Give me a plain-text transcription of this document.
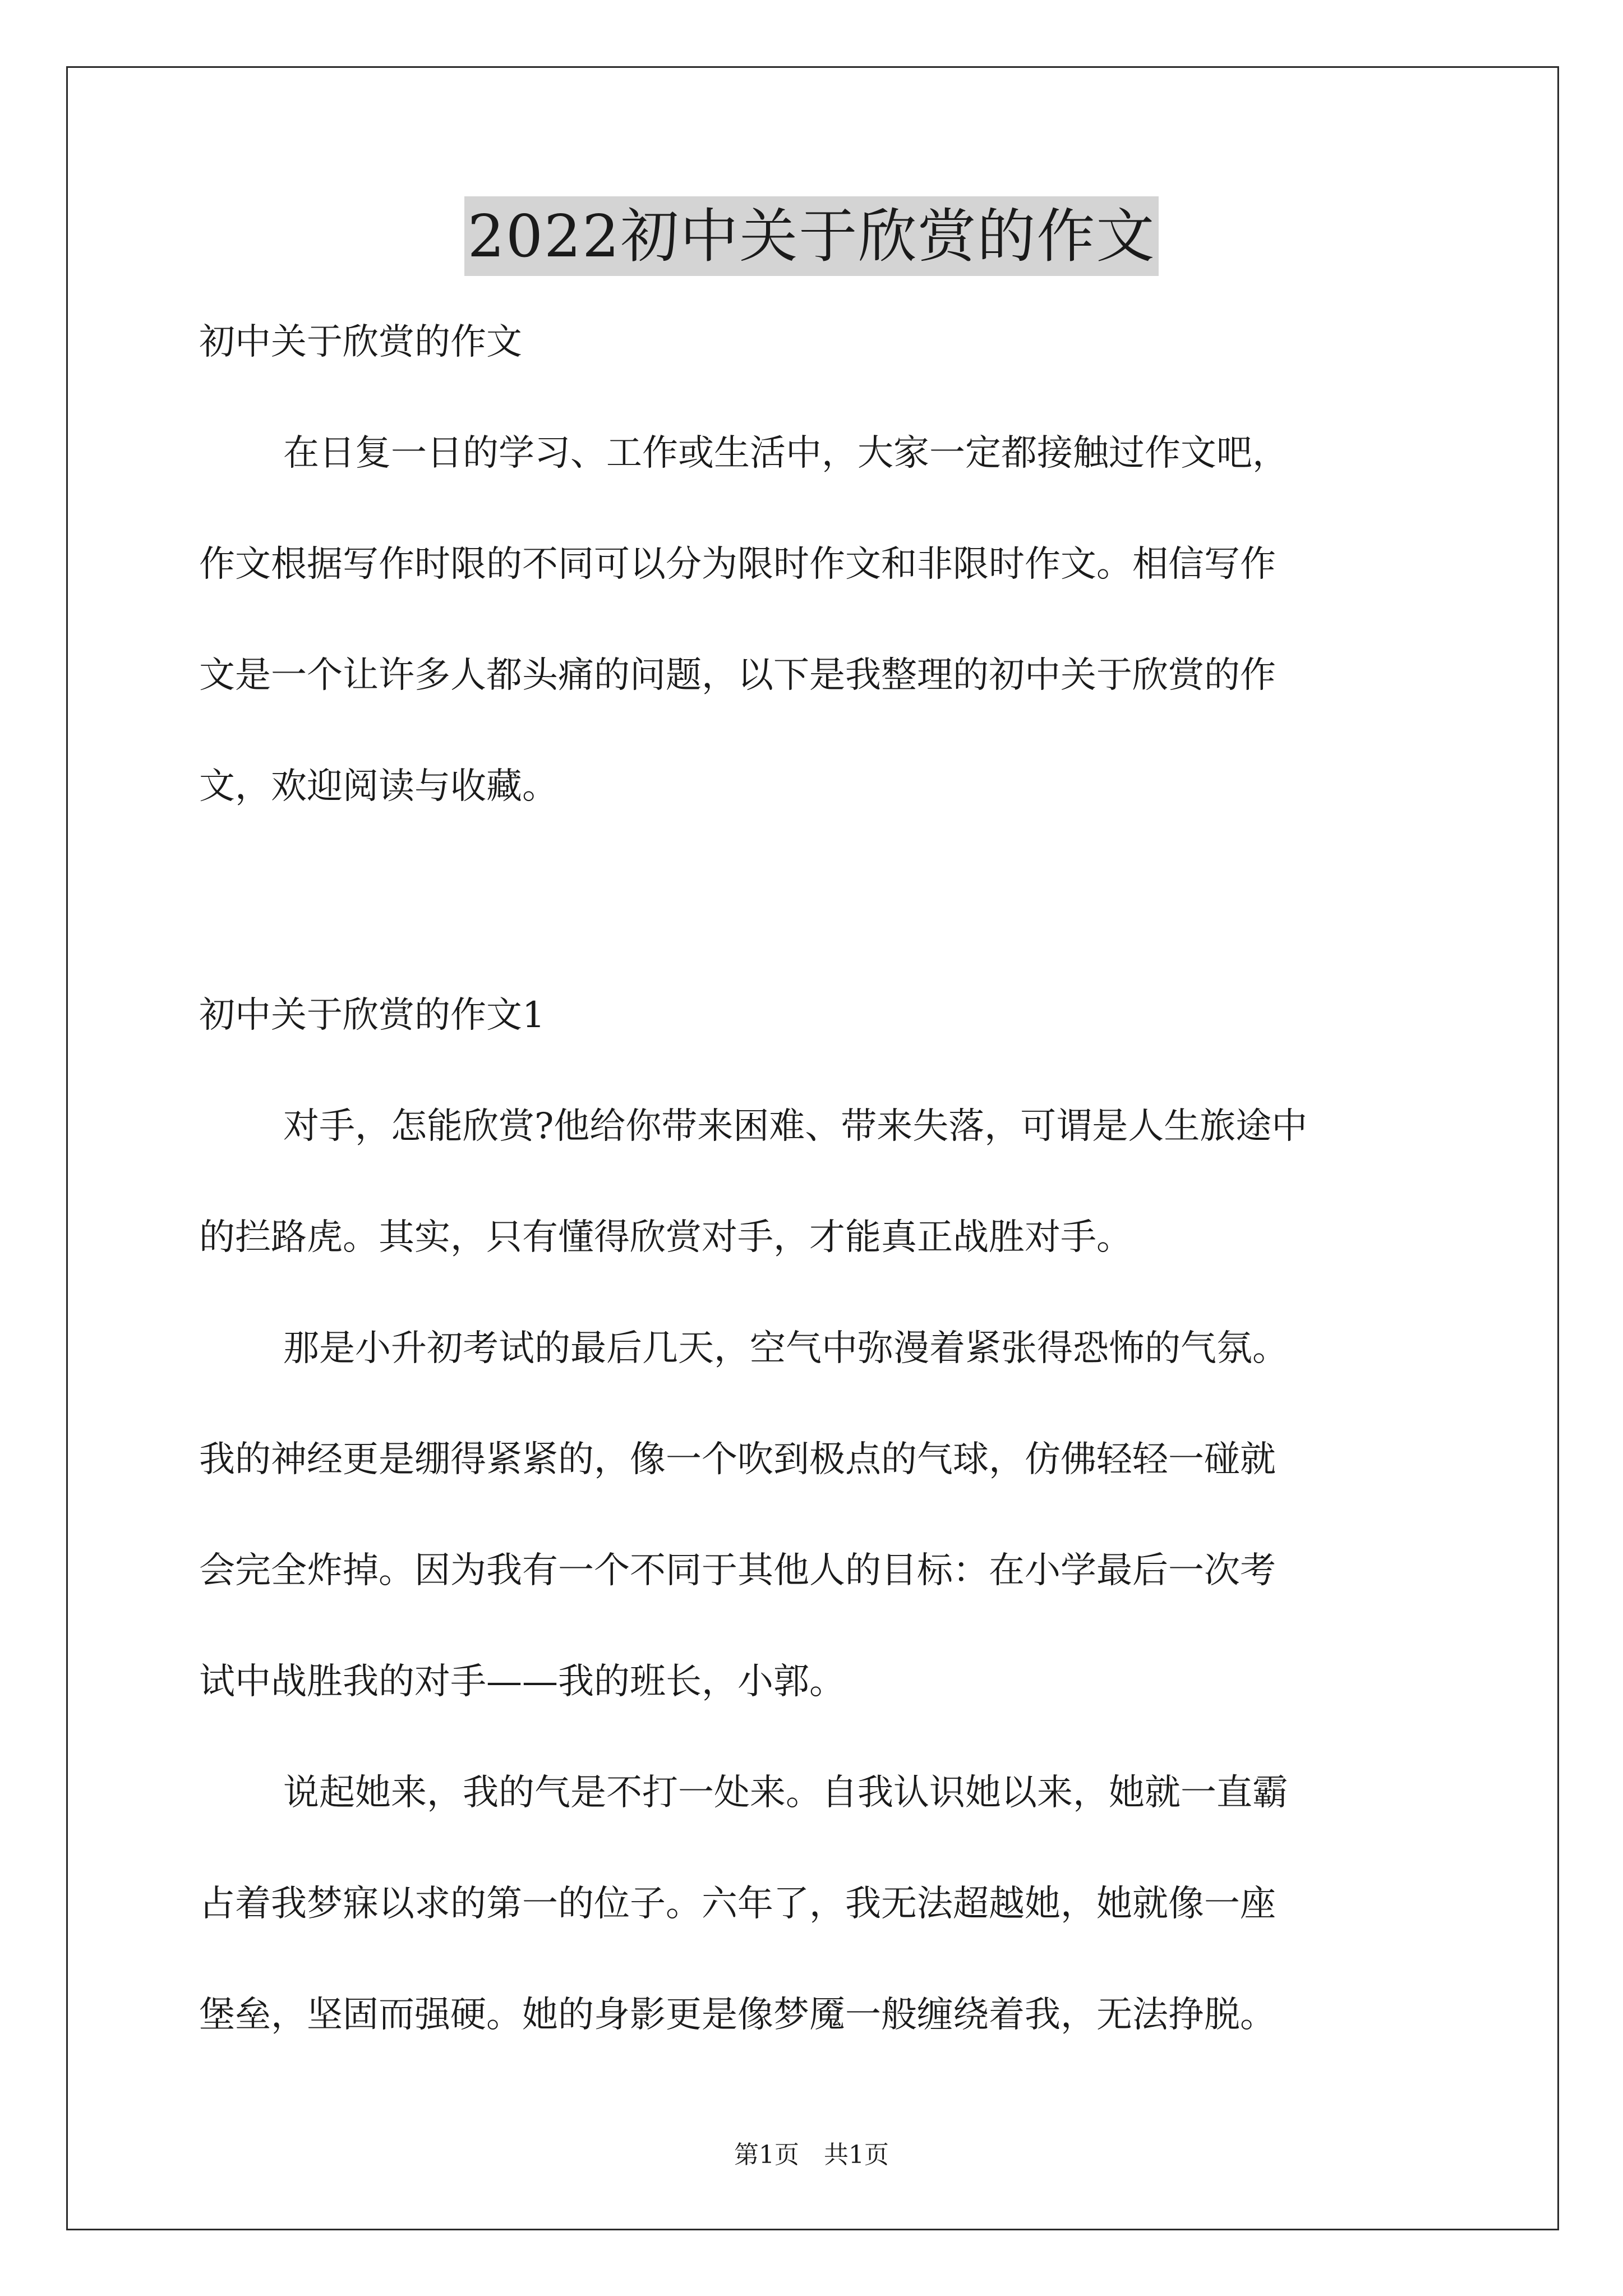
2022初中关于欣赏的作文
初中关于欣赏的作文
在日复一日的学习、工作或生活中，大家一定都接触过作文吧，
作文根据写作时限的不同可以分为限时作文和非限时作文。相信写作
文是一个让许多人都头痛的问题，以下是我整理的初中关于欣赏的作
文，欢迎阅读与收藏。
初中关于欣赏的作文1
对手，怎能欣赏?他给你带来困难、带来失落，可谓是人生旅途中
的拦路虎。其实，只有懂得欣赏对手，才能真正战胜对手。
那是小升初考试的最后几天，空气中弥漫着紧张得恐怖的气氛。
我的神经更是绷得紧紧的，像一个吹到极点的气球，仿佛轻轻一碰就
会完全炸掉。因为我有一个不同于其他人的目标：在小学最后一次考
试中战胜我的对手——我的班长，小郭。
说起她来，我的气是不打一处来。自我认识她以来，她就一直霸
占着我梦寐以求的第一的位子。六年了，我无法超越她，她就像一座
堡垒，坚固而强硬。她的身影更是像梦魇一般缠绕着我，无法挣脱。
第1页　共1页
